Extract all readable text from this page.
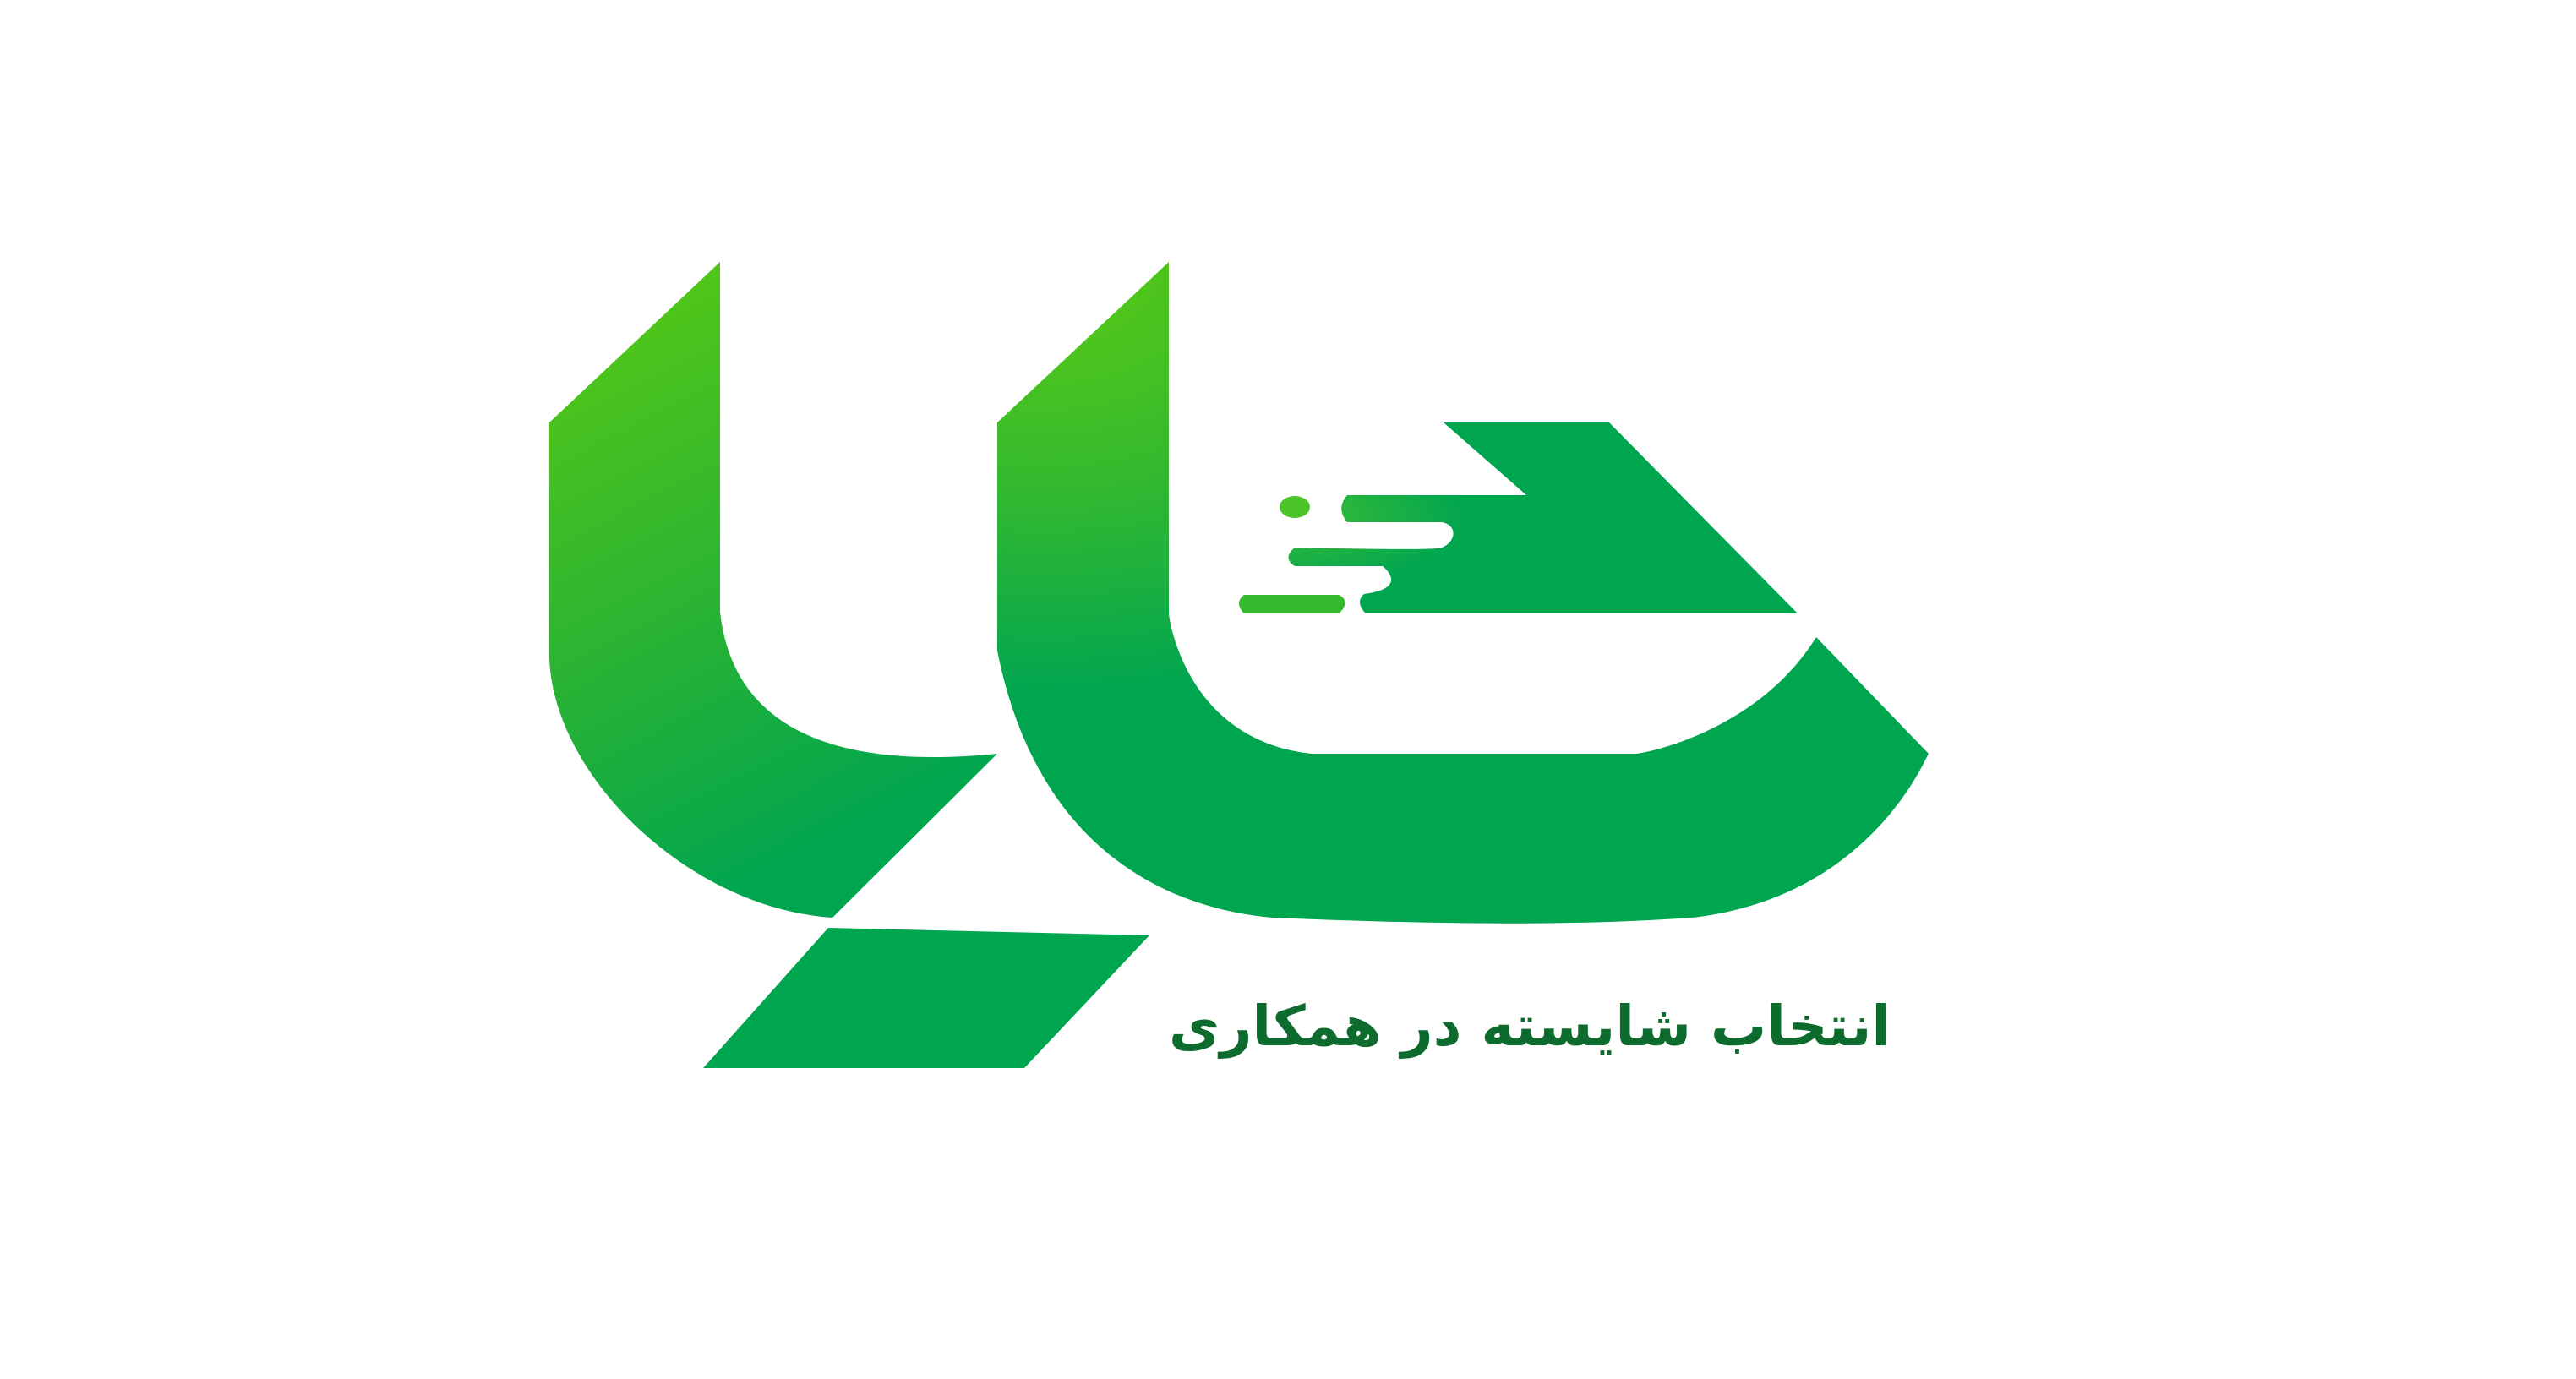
انتخاب شایسته در همکاری
